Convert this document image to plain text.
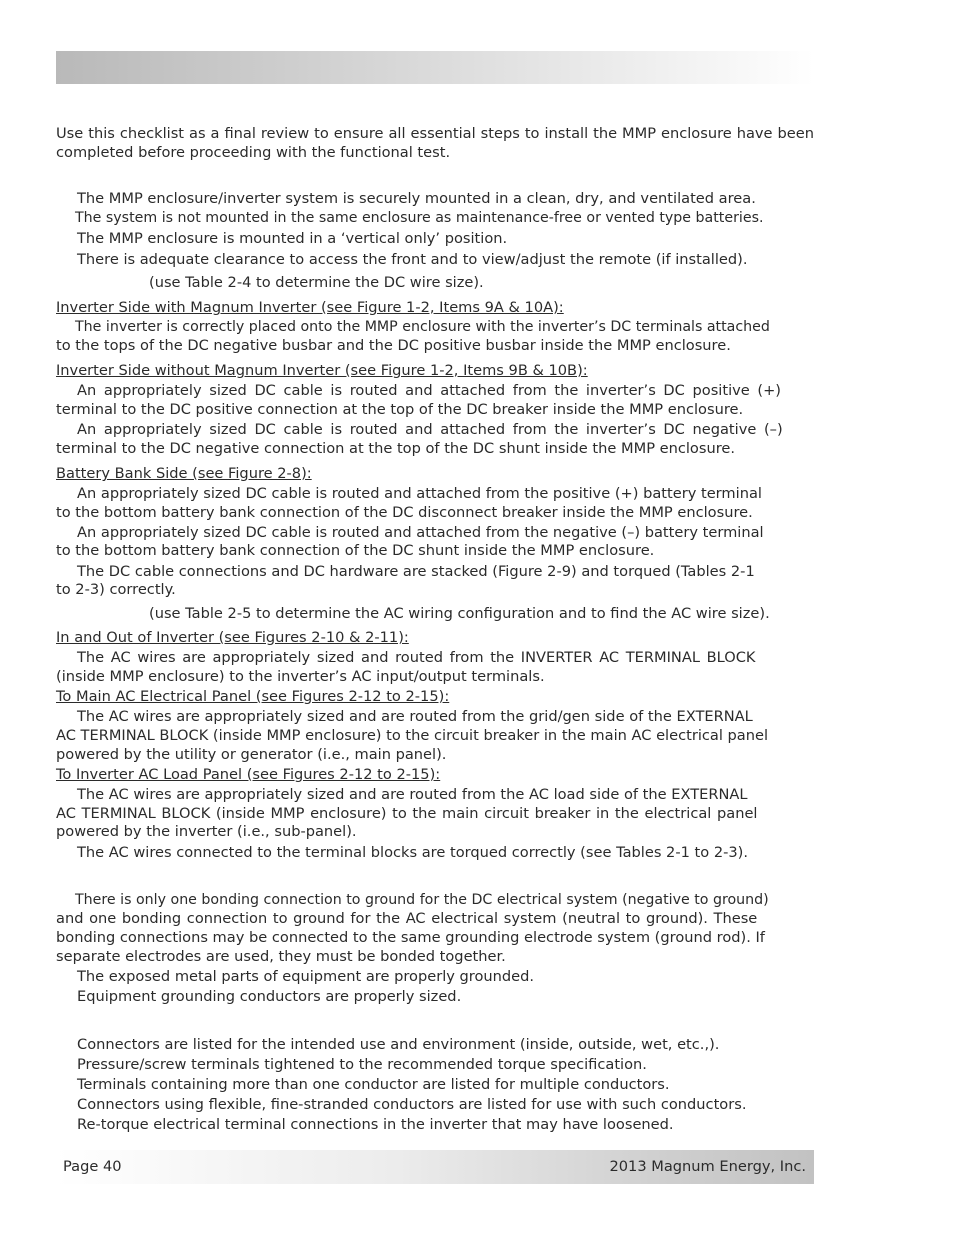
Use this checklist as a final review to ensure all essential steps to install the MMP enclosure have been completed before proceeding with the functional test.
The MMP enclosure/inverter system is securely mounted in a clean, dry, and ventilated area.
The system is not mounted in the same enclosure as maintenance-free or vented type batteries.
The MMP enclosure is mounted in a ‘vertical only’ position.
There is adequate clearance to access the front and to view/adjust the remote (if installed).
(use Table 2-4 to determine the DC wire size).
Inverter Side with Magnum Inverter (see Figure 1-2, Items 9A & 10A):
The inverter is correctly placed onto the MMP enclosure with the inverter’s DC terminals attached
to the tops of the DC negative busbar and the DC positive busbar inside the MMP enclosure.
Inverter Side without Magnum Inverter (see Figure 1-2, Items 9B & 10B):
An appropriately sized DC cable is routed and attached from the inverter’s DC positive (+)
terminal to the DC positive connection at the top of the DC breaker inside the MMP enclosure.
An appropriately sized DC cable is routed and attached from the inverter’s DC negative (–)
terminal to the DC negative connection at the top of the DC shunt inside the MMP enclosure.
Battery Bank Side (see Figure 2-8):
An appropriately sized DC cable is routed and attached from the positive (+) battery terminal
to the bottom battery bank connection of the DC disconnect breaker inside the MMP enclosure.
An appropriately sized DC cable is routed and attached from the negative (–) battery terminal
to the bottom battery bank connection of the DC shunt inside the MMP enclosure.
The DC cable connections and DC hardware are stacked (Figure 2-9) and torqued (Tables 2-1
to 2-3) correctly.
(use Table 2-5 to determine the AC wiring configuration and to find the AC wire size).
In and Out of Inverter (see Figures 2-10 & 2-11):
The AC wires are appropriately sized and routed from the INVERTER AC TERMINAL BLOCK
(inside MMP enclosure) to the inverter’s AC input/output terminals.
To Main AC Electrical Panel (see Figures 2-12 to 2-15):
The AC wires are appropriately sized and are routed from the grid/gen side of the EXTERNAL
AC TERMINAL BLOCK (inside MMP enclosure) to the circuit breaker in the main AC electrical panel
powered by the utility or generator (i.e., main panel).
To Inverter AC Load Panel (see Figures 2-12 to 2-15):
The AC wires are appropriately sized and are routed from the AC load side of the EXTERNAL
AC TERMINAL BLOCK (inside MMP enclosure) to the main circuit breaker in the electrical panel
powered by the inverter (i.e., sub-panel).
The AC wires connected to the terminal blocks are torqued correctly (see Tables 2-1 to 2-3).
There is only one bonding connection to ground for the DC electrical system (negative to ground)
and one bonding connection to ground for the AC electrical system (neutral to ground). These
bonding connections may be connected to the same grounding electrode system (ground rod). If
separate electrodes are used, they must be bonded together.
The exposed metal parts of equipment are properly grounded.
Equipment grounding conductors are properly sized.
Connectors are listed for the intended use and environment (inside, outside, wet, etc.,).
Pressure/screw terminals tightened to the recommended torque specification.
Terminals containing more than one conductor are listed for multiple conductors.
Connectors using flexible, fine-stranded conductors are listed for use with such conductors.
Re-torque electrical terminal connections in the inverter that may have loosened.
Page 40	2013 Magnum Energy, Inc.
